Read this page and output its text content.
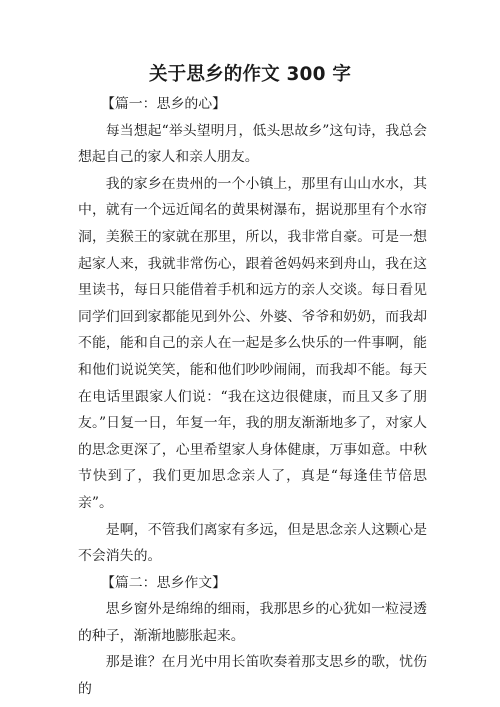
关于思乡的作文 300 字

【篇一：思乡的心】

每当想起“举头望明月，低头思故乡”这句诗，我总会想起自己的家人和亲人朋友。

我的家乡在贵州的一个小镇上，那里有山山水水，其中，就有一个远近闻名的黄果树瀑布，据说那里有个水帘洞，美猴王的家就在那里，所以，我非常自豪。可是一想起家人来，我就非常伤心，跟着爸妈妈来到舟山，我在这里读书，每日只能借着手机和远方的亲人交谈。每日看见同学们回到家都能见到外公、外婆、爷爷和奶奶，而我却不能，能和自己的亲人在一起是多么快乐的一件事啊，能和他们说说笑笑，能和他们吵吵闹闹，而我却不能。每天在电话里跟家人们说：“我在这边很健康，而且又多了朋友。”日复一日，年复一年，我的朋友渐渐地多了，对家人的思念更深了，心里希望家人身体健康，万事如意。中秋节快到了，我们更加思念亲人了，真是“每逢佳节倍思亲”。

是啊，不管我们离家有多远，但是思念亲人这颗心是不会消失的。

【篇二：思乡作文】

思乡窗外是绵绵的细雨，我那思乡的心犹如一粒浸透的种子，渐渐地膨胀起来。

那是谁？在月光中用长笛吹奏着那支思乡的歌，忧伤的
